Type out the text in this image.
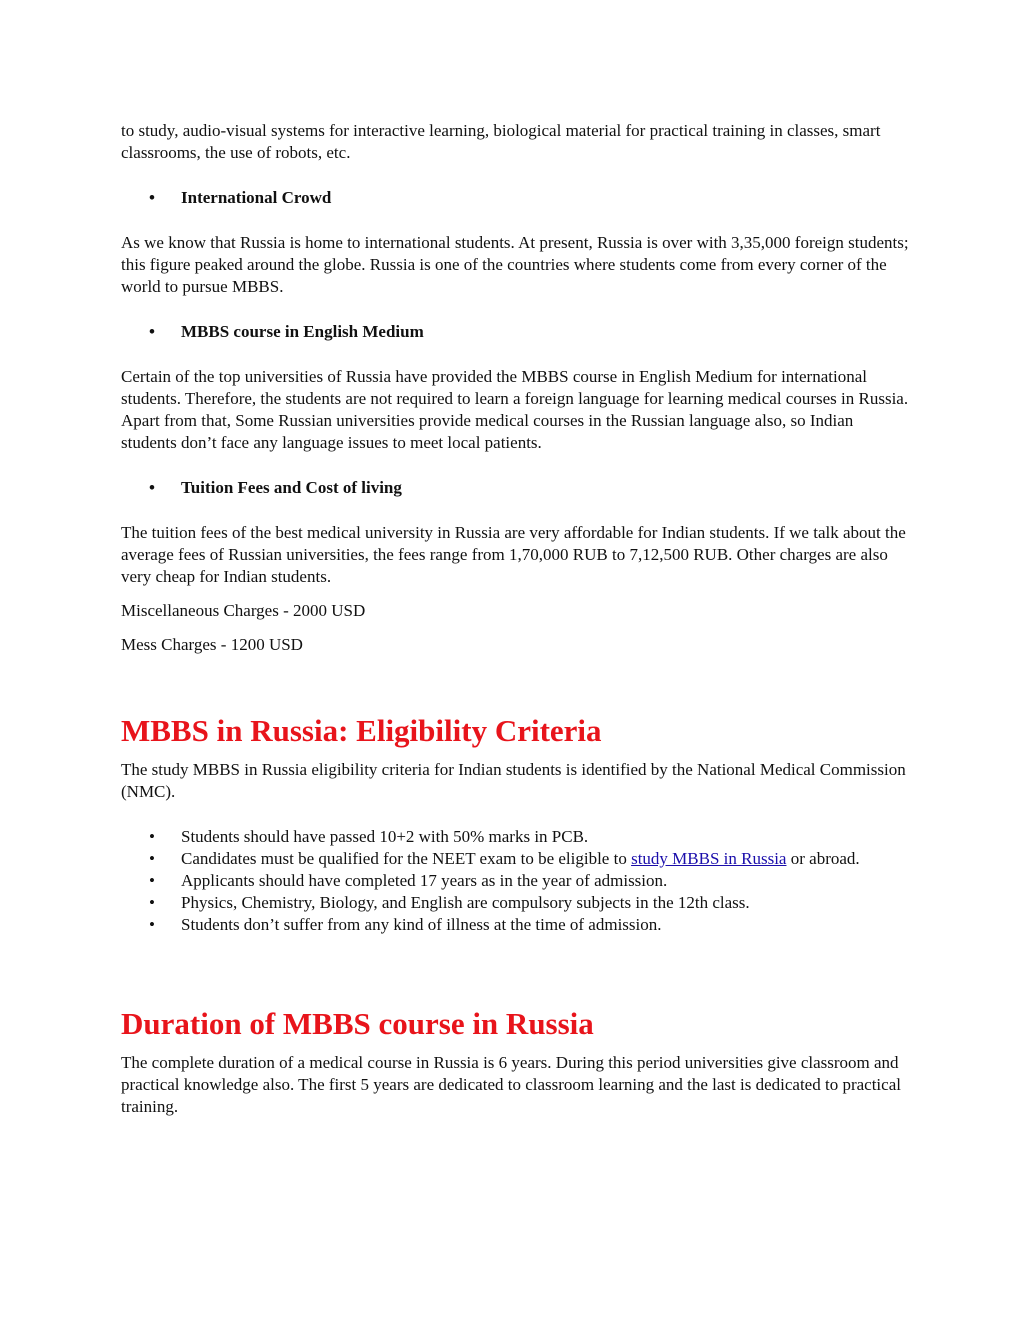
to study, audio-visual systems for interactive learning, biological material for practical training in classes, smart classrooms, the use of robots, etc.

• International Crowd

As we know that Russia is home to international students. At present, Russia is over with 3,35,000 foreign students; this figure peaked around the globe. Russia is one of the countries where students come from every corner of the world to pursue MBBS.

• MBBS course in English Medium

Certain of the top universities of Russia have provided the MBBS course in English Medium for international students. Therefore, the students are not required to learn a foreign language for learning medical courses in Russia. Apart from that, Some Russian universities provide medical courses in the Russian language also, so Indian students don’t face any language issues to meet local patients.

• Tuition Fees and Cost of living

The tuition fees of the best medical university in Russia are very affordable for Indian students. If we talk about the average fees of Russian universities, the fees range from 1,70,000 RUB to 7,12,500 RUB. Other charges are also very cheap for Indian students.

Miscellaneous Charges - 2000 USD

Mess Charges - 1200 USD

MBBS in Russia: Eligibility Criteria

The study MBBS in Russia eligibility criteria for Indian students is identified by the National Medical Commission (NMC).

• Students should have passed 10+2 with 50% marks in PCB.
• Candidates must be qualified for the NEET exam to be eligible to study MBBS in Russia or abroad.
• Applicants should have completed 17 years as in the year of admission.
• Physics, Chemistry, Biology, and English are compulsory subjects in the 12th class.
• Students don’t suffer from any kind of illness at the time of admission.
Duration of MBBS course in Russia

The complete duration of a medical course in Russia is 6 years. During this period universities give classroom and practical knowledge also. The first 5 years are dedicated to classroom learning and the last is dedicated to practical training.
